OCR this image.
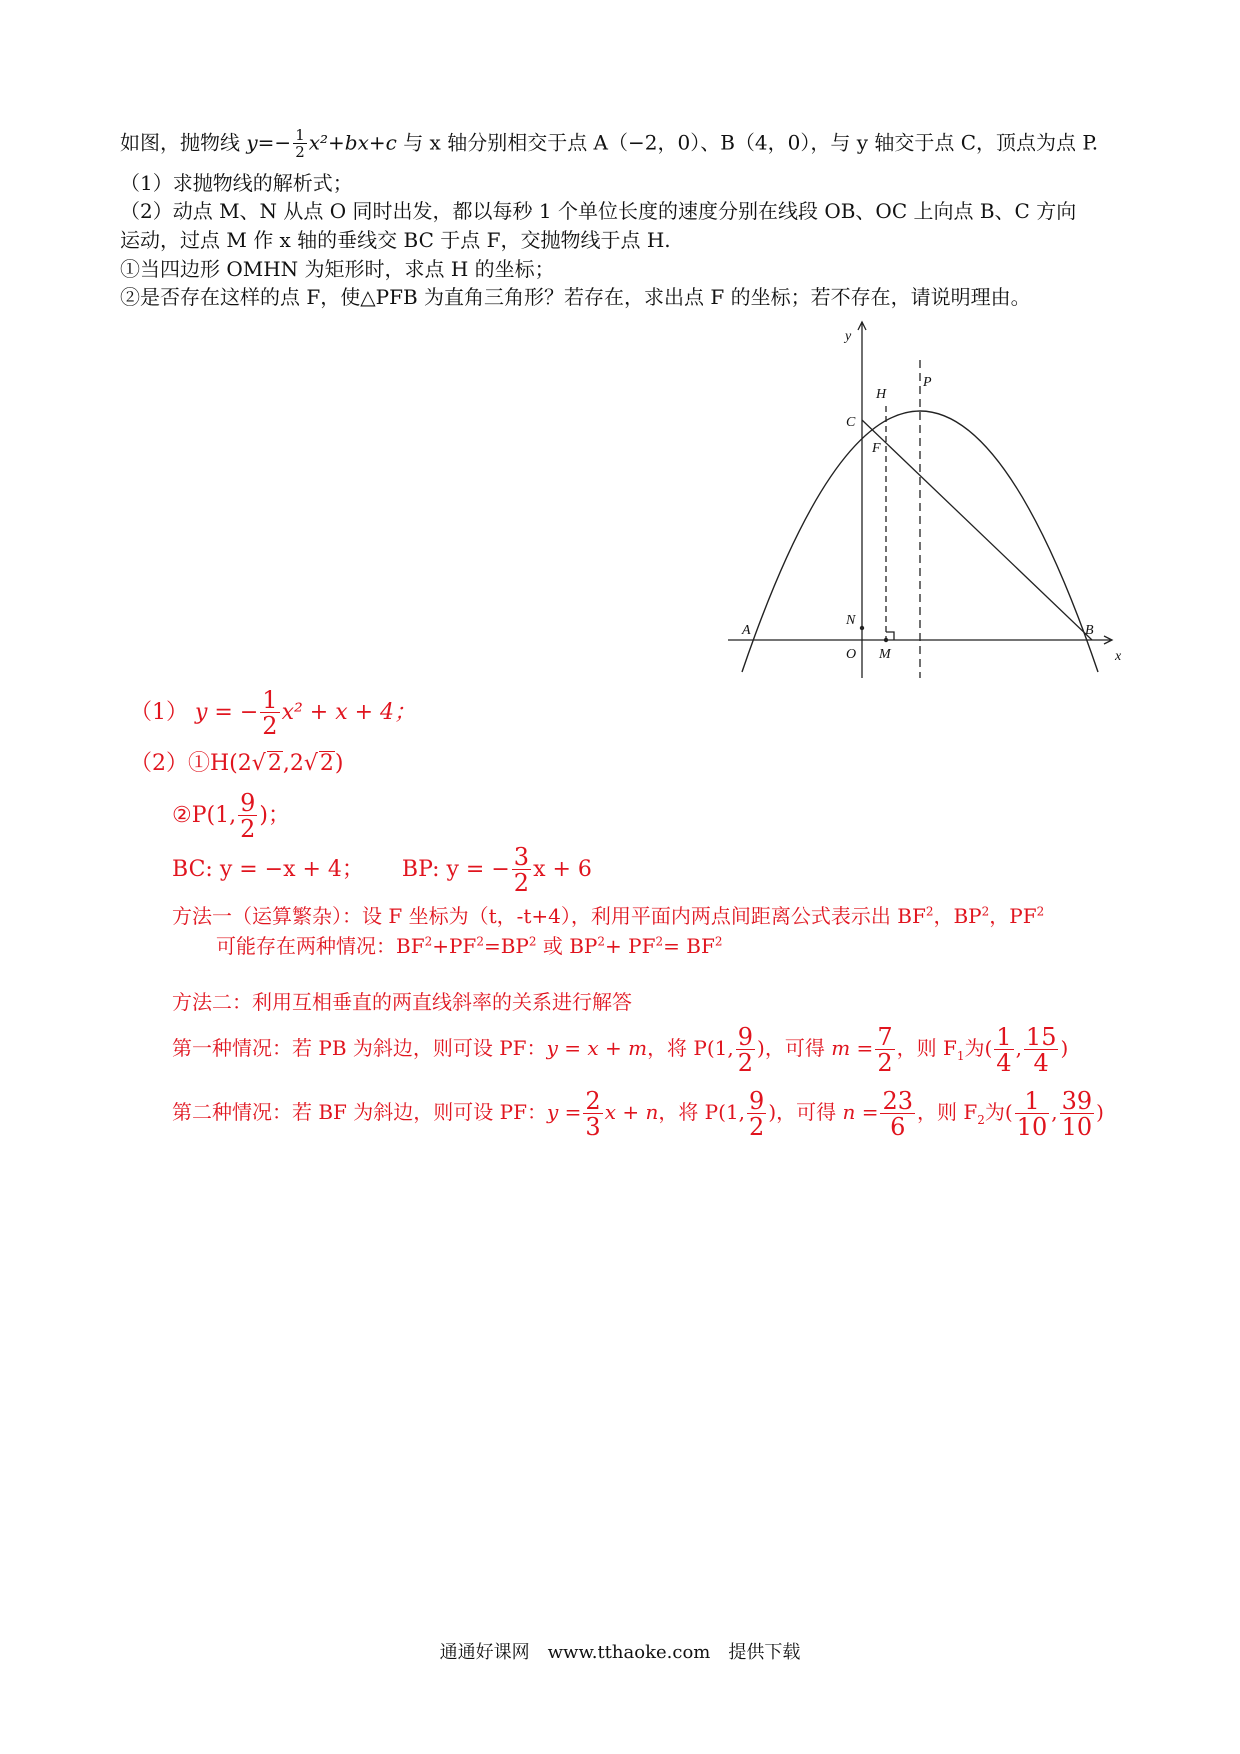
如图，抛物线 $y=- \frac{1}{2} x^2+bx+c$ 与 x 轴分别相交于点 A（−2，0）、B（4，0），与 y 轴交于点 C，顶点为点 P.
（1）求抛物线的解析式；
（2）动点 M、N 从点 O 同时出发，都以每秒 1 个单位长度的速度分别在线段 OB、OC 上向点 B、C 方向
运动，过点 M 作 x 轴的垂线交 BC 于点 F，交抛物线于点 H.
①当四边形 OMHN 为矩形时，求点 H 的坐标；
②是否存在这样的点 F，使△PFB 为直角三角形？若存在，求出点 F 的坐标；若不存在，请说明理由。
y
x
O
A	B
C
P
H
F
N
M
（1） y = − $\frac{1}{2} x^2 + x + 4$；
（2）①H(2√2,2√2)
②P(1, $\frac{9}{2}$ )；
BC: y = −x + 4； BP: y = − $\frac{3}{2}$ x + 6
方法一（运算繁杂）：设 F 坐标为（t，-t+4），利用平面内两点间距离公式表示出 $BF^2$，$BP^2$，$PF^2$
可能存在两种情况：$BF^2+PF^2=BP^2$ 或 $BP^2+ PF^2= BF^2$
方法二：利用互相垂直的两直线斜率的关系进行解答
第一种情况：若 PB 为斜边，则可设 PF：y = x + m，将 P(1, $\frac{9}{2}$ )，可得 $m = \frac{7}{2}$ ，则 $F_1$为( $\frac{1}{4}$ , $\frac{15}{4}$ )
第二种情况：若 BF 为斜边，则可设 PF：$y = \frac{2}{3}$ x + n，将 P(1, $\frac{9}{2}$ )，可得 $n = \frac{23}{6}$ ，则 $F_2$为( $\frac{1}{10}$ , $\frac{39}{10}$ )
通通好课网　www.tthaoke.com　提供下载
